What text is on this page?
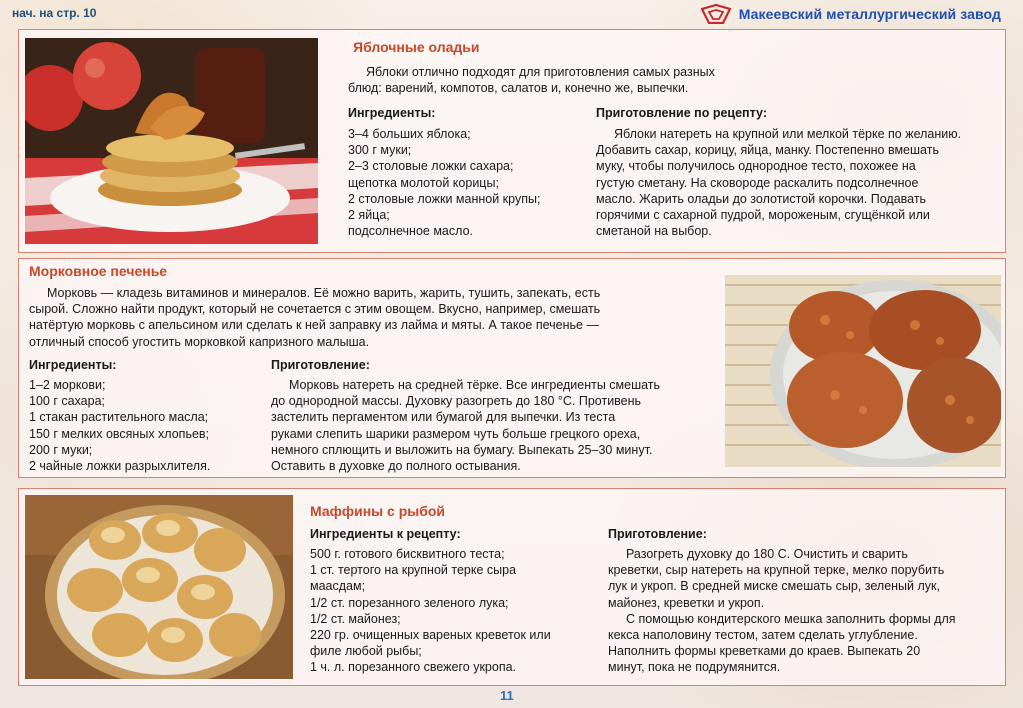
нач. на стр. 10	Макеевский металлургический завод
Яблочные оладьи
Яблоки отлично подходят для приготовления самых разных
блюд: варений, компотов, салатов и, конечно же, выпечки.
Ингредиенты:
3–4 больших яблока;
300 г муки;
2–3 столовые ложки сахара;
щепотка молотой корицы;
2 столовые ложки манной крупы;
2 яйца;
подсолнечное масло.
Приготовление по рецепту:
Яблоки натереть на крупной или мелкой тёрке по желанию.
Добавить сахар, корицу, яйца, манку. Постепенно вмешать
муку, чтобы получилось однородное тесто, похожее на
густую сметану. На сковороде раскалить подсолнечное
масло. Жарить оладьи до золотистой корочки. Подавать
горячими с сахарной пудрой, мороженым, сгущёнкой или
сметаной на выбор.
Морковное печенье
Морковь — кладезь витаминов и минералов. Её можно варить, жарить, тушить, запекать, есть
сырой. Сложно найти продукт, который не сочетается с этим овощем. Вкусно, например, смешать
натёртую морковь с апельсином или сделать к ней заправку из лайма и мяты. А такое печенье —
отличный способ угостить морковкой капризного малыша.
Ингредиенты:
1–2 моркови;
100 г сахара;
1 стакан растительного масла;
150 г мелких овсяных хлопьев;
200 г муки;
2 чайные ложки разрыхлителя.
Приготовление:
Морковь натереть на средней тёрке. Все ингредиенты смешать
до однородной массы. Духовку разогреть до 180 °С. Противень
застелить пергаментом или бумагой для выпечки. Из теста
руками слепить шарики размером чуть больше грецкого ореха,
немного сплющить и выложить на бумагу. Выпекать 25–30 минут.
Оставить в духовке до полного остывания.
Маффины с рыбой
Ингредиенты к рецепту:
500 г. готового бисквитного теста;
1 ст. тертого на крупной терке сыра
маасдам;
1/2 ст. порезанного зеленого лука;
1/2 ст. майонез;
220 гр. очищенных вареных креветок или
филе любой рыбы;
1 ч. л. порезанного свежего укропа.
Приготовление:
Разогреть духовку до 180 С. Очистить и сварить
креветки, сыр натереть на крупной терке, мелко порубить
лук и укроп. В средней миске смешать сыр, зеленый лук,
майонез, креветки и укроп.
С помощью кондитерского мешка заполнить формы для
кекса наполовину тестом, затем сделать углубление.
Наполнить формы креветками до краев. Выпекать 20
минут, пока не подрумянится.
11
